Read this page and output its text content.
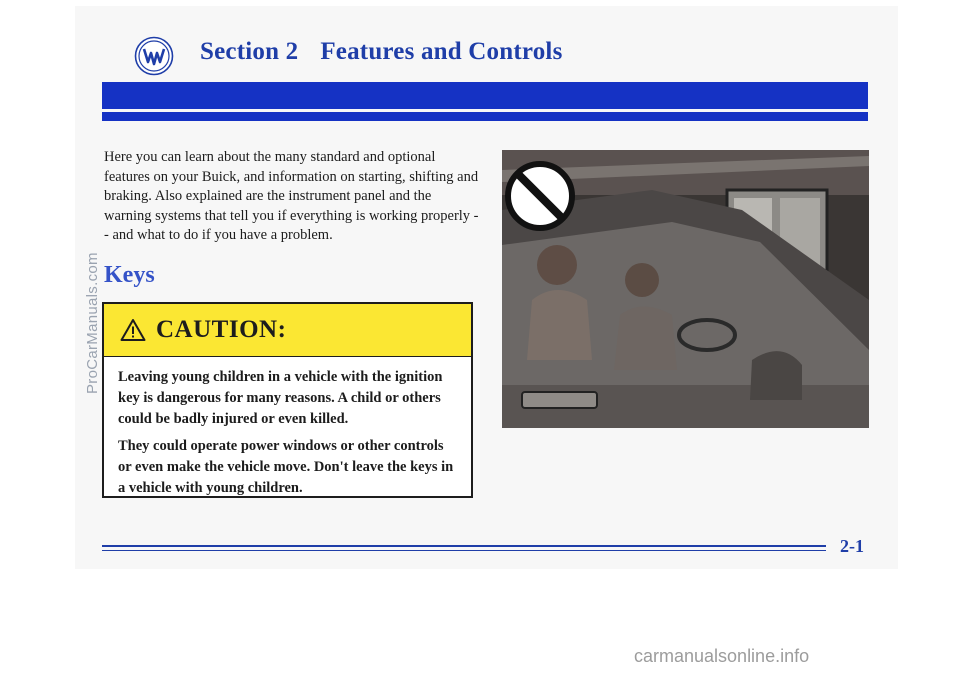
Section 2 Features and Controls

Here you can learn about the many standard and optional features on your Buick, and information on starting, shifting and braking. Also explained are the instrument panel and the warning systems that tell you if everything is working properly -- and what to do if you have a problem.

Keys
CAUTION:

Leaving young children in a vehicle with the ignition key is dangerous for many reasons. A child or others could be badly injured or even killed.

They could operate power windows or other controls or even make the vehicle move. Don't leave the keys in a vehicle with young children.

2-1
ProCarManuals.com
carmanualsonline.info
